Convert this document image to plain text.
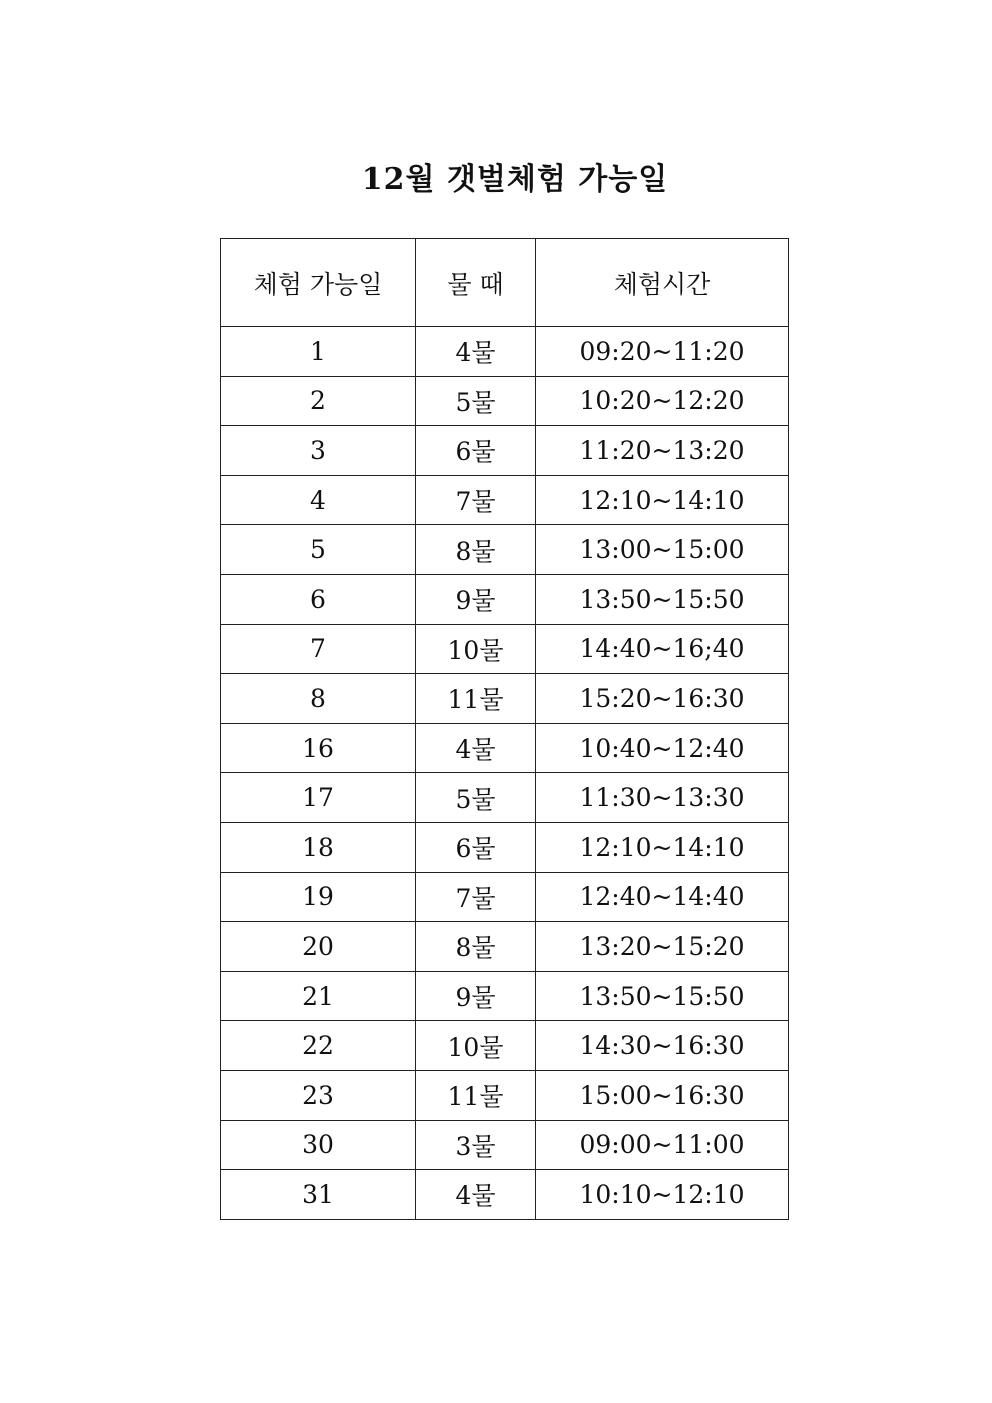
12월 갯벌체험 가능일
체험 가능일	물 때	체험시간
1	4물	09:20~11:20
2	5물	10:20~12:20
3	6물	11:20~13:20
4	7물	12:10~14:10
5	8물	13:00~15:00
6	9물	13:50~15:50
7	10물	14:40~16;40
8	11물	15:20~16:30
16	4물	10:40~12:40
17	5물	11:30~13:30
18	6물	12:10~14:10
19	7물	12:40~14:40
20	8물	13:20~15:20
21	9물	13:50~15:50
22	10물	14:30~16:30
23	11물	15:00~16:30
30	3물	09:00~11:00
31	4물	10:10~12:10
